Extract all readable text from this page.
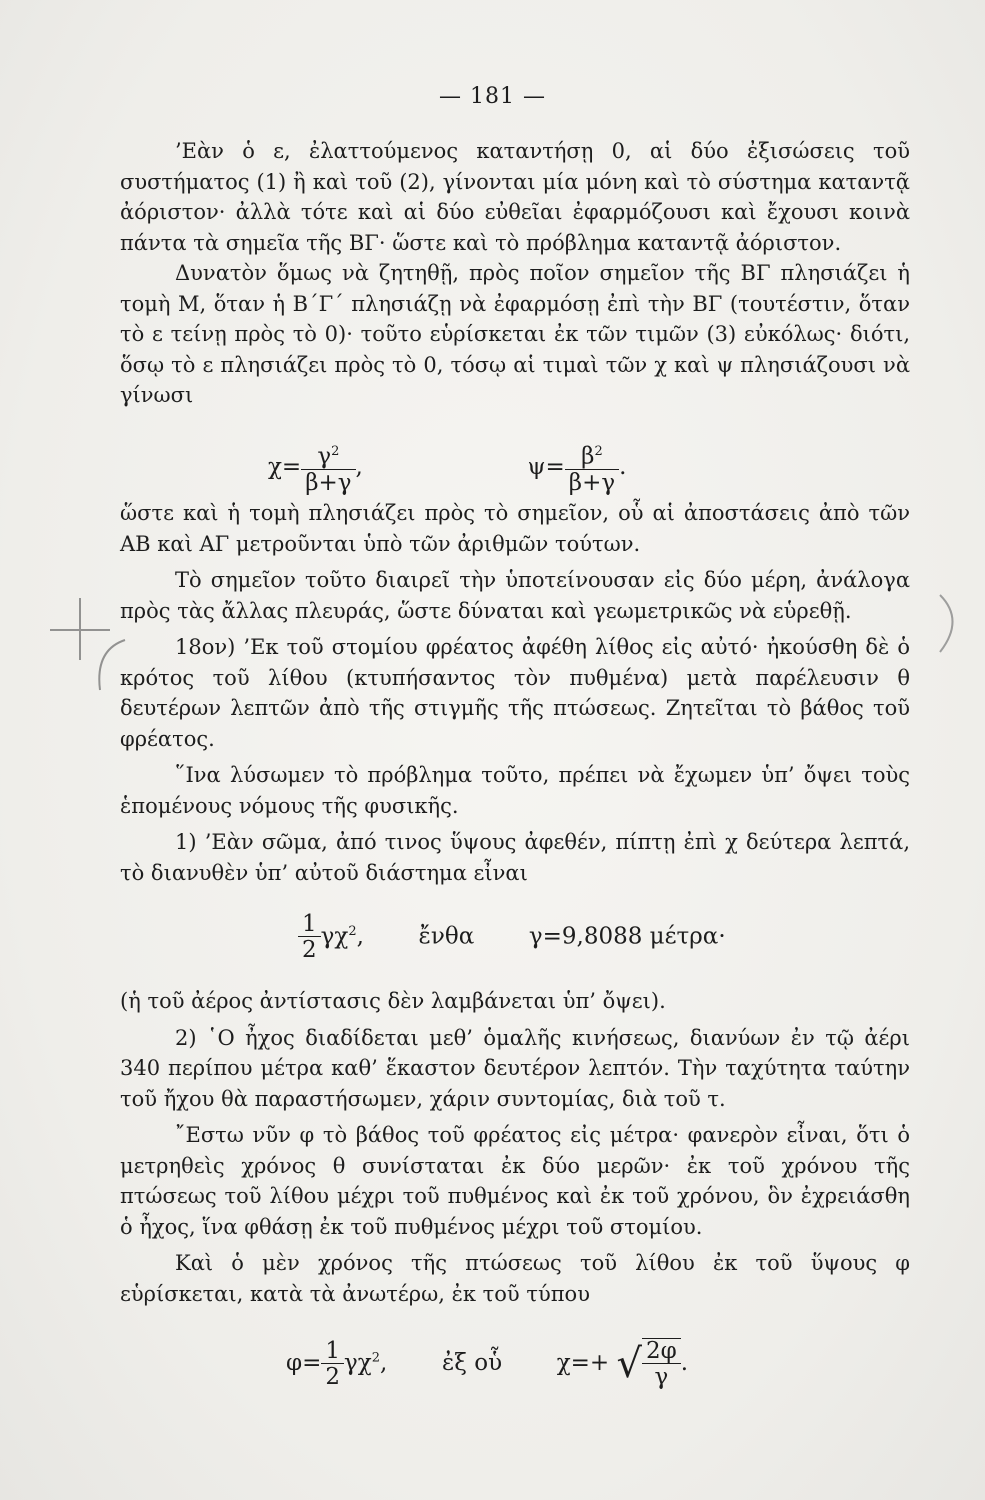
— 181 —

’Εὰν ὁ ε, ἐλαττούμενος καταντήσῃ 0, αἱ δύο ἐξισώσεις τοῦ συστήματος (1) ἢ καὶ τοῦ (2), γίνονται μία μόνη καὶ τὸ σύστημα καταντᾷ ἀόριστον· ἀλλὰ τότε καὶ αἱ δύο εὐθεῖαι ἐφαρμόζουσι καὶ ἔχουσι κοινὰ πάντα τὰ σημεῖα τῆς ΒΓ· ὥστε καὶ τὸ πρόβλημα καταντᾷ ἀόριστον.

Δυνατὸν ὅμως νὰ ζητηθῇ, πρὸς ποῖον σημεῖον τῆς ΒΓ πλησιάζει ἡ τομὴ Μ, ὅταν ἡ Β΄Γ΄ πλησιάζῃ νὰ ἐφαρμόσῃ ἐπὶ τὴν ΒΓ (τουτέστιν, ὅταν τὸ ε τείνῃ πρὸς τὸ 0)· τοῦτο εὑρίσκεται ἐκ τῶν τιμῶν (3) εὐκόλως· διότι, ὅσῳ τὸ ε πλησιάζει πρὸς τὸ 0, τόσῳ αἱ τιμαὶ τῶν χ καὶ ψ πλησιάζουσι νὰ γίνωσι

$\chi= \frac{\gamma^2}{\beta+\gamma}$ ,	$\psi= \frac{\beta^2}{\beta+\gamma}$ .

ὥστε καὶ ἡ τομὴ πλησιάζει πρὸς τὸ σημεῖον, οὗ αἱ ἀποστάσεις ἀπὸ τῶν ΑΒ καὶ ΑΓ μετροῦνται ὑπὸ τῶν ἀριθμῶν τούτων.

Τὸ σημεῖον τοῦτο διαιρεῖ τὴν ὑποτείνουσαν εἰς δύο μέρη, ἀνάλογα πρὸς τὰς ἄλλας πλευράς, ὥστε δύναται καὶ γεωμετρικῶς νὰ εὑρεθῇ.

18ον) ’Εκ τοῦ στομίου φρέατος ἀφέθη λίθος εἰς αὐτό· ἠκούσθη δὲ ὁ κρότος τοῦ λίθου (κτυπήσαντος τὸν πυθμένα) μετὰ παρέλευσιν θ δευτέρων λεπτῶν ἀπὸ τῆς στιγμῆς τῆς πτώσεως. Ζητεῖται τὸ βάθος τοῦ φρέατος.

῞Ινα λύσωμεν τὸ πρόβλημα τοῦτο, πρέπει νὰ ἔχωμεν ὑπ’ ὄψει τοὺς ἑπομένους νόμους τῆς φυσικῆς.

1) ’Εὰν σῶμα, ἀπό τινος ὕψους ἀφεθέν, πίπτῃ ἐπὶ χ δεύτερα λεπτά, τὸ διανυθὲν ὑπ’ αὐτοῦ διάστημα εἶναι

$\frac{1}{2} \gamma\chi^2$, ἔνθα γ=9,8088 μέτρα·

(ἡ τοῦ ἀέρος ἀντίστασις δὲν λαμβάνεται ὑπ’ ὄψει).

2) ῾Ο ἦχος διαδίδεται μεθ’ ὁμαλῆς κινήσεως, διανύων ἐν τῷ ἀέρι 340 περίπου μέτρα καθ’ ἕκαστον δευτέρον λεπτόν. Τὴν ταχύτητα ταύτην τοῦ ἤχου θὰ παραστήσωμεν, χάριν συντομίας, διὰ τοῦ τ.

῎Εστω νῦν φ τὸ βάθος τοῦ φρέατος εἰς μέτρα· φανερὸν εἶναι, ὅτι ὁ μετρηθεὶς χρόνος θ συνίσταται ἐκ δύο μερῶν· ἐκ τοῦ χρόνου τῆς πτώσεως τοῦ λίθου μέχρι τοῦ πυθμένος καὶ ἐκ τοῦ χρόνου, ὃν ἐχρειάσθη ὁ ἦχος, ἵνα φθάσῃ ἐκ τοῦ πυθμένος μέχρι τοῦ στομίου.

Καὶ ὁ μὲν χρόνος τῆς πτώσεως τοῦ λίθου ἐκ τοῦ ὕψους φ εὑρίσκεται, κατὰ τὰ ἀνωτέρω, ἐκ τοῦ τύπου

$\varphi= \frac{1}{2} \gamma\chi^2$, ἐξ οὗ χ=+ √ $\frac{2\varphi}{\gamma}$ .
